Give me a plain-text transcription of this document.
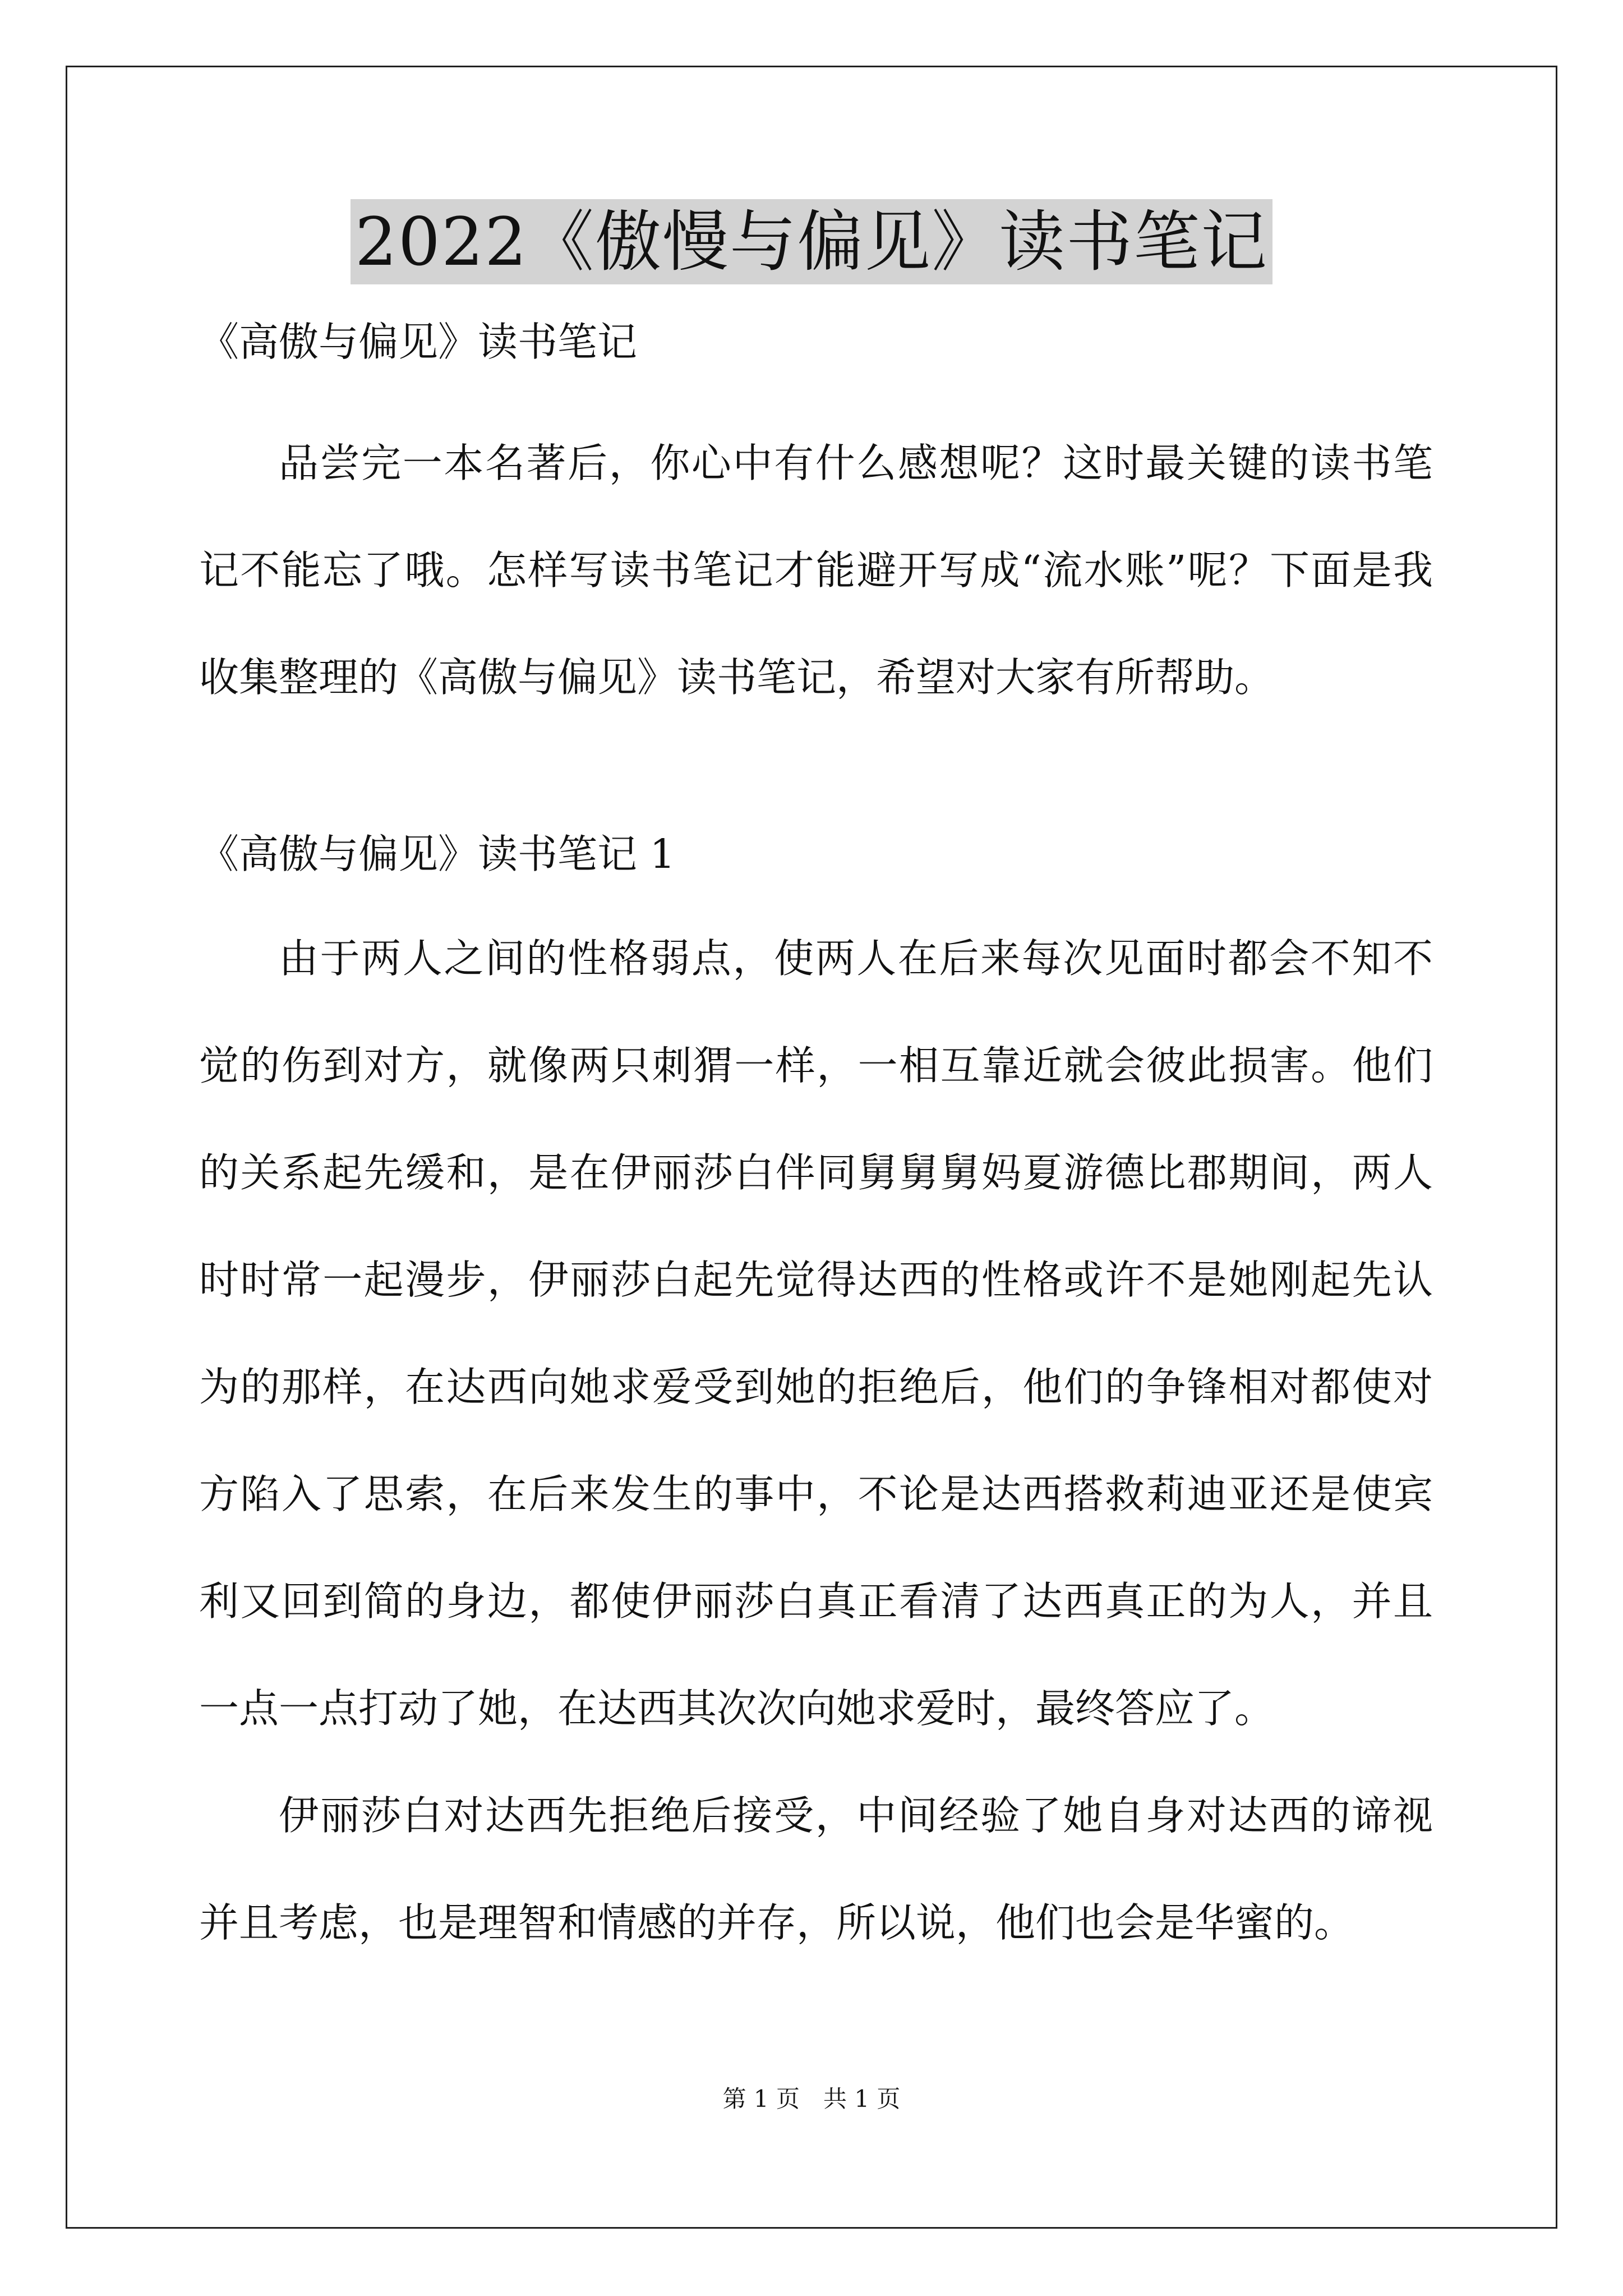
2022《傲慢与偏见》读书笔记

《高傲与偏见》读书笔记

品尝完一本名著后，你心中有什么感想呢？这时最关键的读书笔记不能忘了哦。怎样写读书笔记才能避开写成“流水账”呢？下面是我收集整理的《高傲与偏见》读书笔记，希望对大家有所帮助。

《高傲与偏见》读书笔记 1

由于两人之间的性格弱点，使两人在后来每次见面时都会不知不觉的伤到对方，就像两只刺猬一样，一相互靠近就会彼此损害。他们的关系起先缓和，是在伊丽莎白伴同舅舅舅妈夏游德比郡期间，两人时时常一起漫步，伊丽莎白起先觉得达西的性格或许不是她刚起先认为的那样，在达西向她求爱受到她的拒绝后，他们的争锋相对都使对方陷入了思索，在后来发生的事中，不论是达西搭救莉迪亚还是使宾利又回到简的身边，都使伊丽莎白真正看清了达西真正的为人，并且一点一点打动了她，在达西其次次向她求爱时，最终答应了。

伊丽莎白对达西先拒绝后接受，中间经验了她自身对达西的谛视并且考虑，也是理智和情感的并存，所以说，他们也会是华蜜的。

第 1 页　共 1 页
